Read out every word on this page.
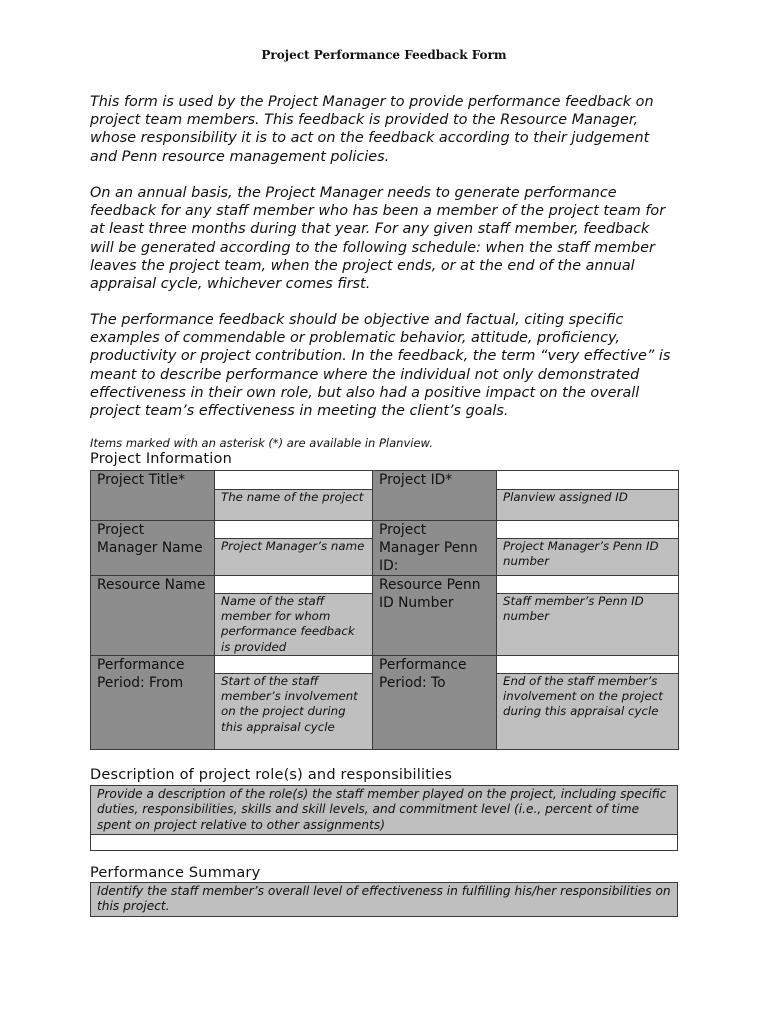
Project Performance Feedback Form

This form is used by the Project Manager to provide performance feedback on project team members. This feedback is provided to the Resource Manager, whose responsibility it is to act on the feedback according to their judgement and Penn resource management policies.

On an annual basis, the Project Manager needs to generate performance feedback for any staff member who has been a member of the project team for at least three months during that year. For any given staff member, feedback will be generated according to the following schedule: when the staff member leaves the project team, when the project ends, or at the end of the annual appraisal cycle, whichever comes first.

The performance feedback should be objective and factual, citing specific examples of commendable or problematic behavior, attitude, proficiency, productivity or project contribution. In the feedback, the term “very effective” is meant to describe performance where the individual not only demonstrated effectiveness in their own role, but also had a positive impact on the overall project team’s effectiveness in meeting the client’s goals.

Items marked with an asterisk (*) are available in Planview.
Project Information
Project Title*		Project ID*	
	The name of the project		Planview assigned ID
Project Manager Name		Project Manager Penn ID:	
	Project Manager’s name		Project Manager’s Penn ID number
Resource Name		Resource Penn ID Number	
	Name of the staff member for whom performance feedback is provided		Staff member’s Penn ID number
Performance Period: From		Performance Period: To	
	Start of the staff member’s involvement on the project during this appraisal cycle		End of the staff member’s involvement on the project during this appraisal cycle
Description of project role(s) and responsibilities
Provide a description of the role(s) the staff member played on the project, including specific duties, responsibilities, skills and skill levels, and commitment level (i.e., percent of time spent on project relative to other assignments)
Performance Summary
Identify the staff member’s overall level of effectiveness in fulfilling his/her responsibilities on this project.
